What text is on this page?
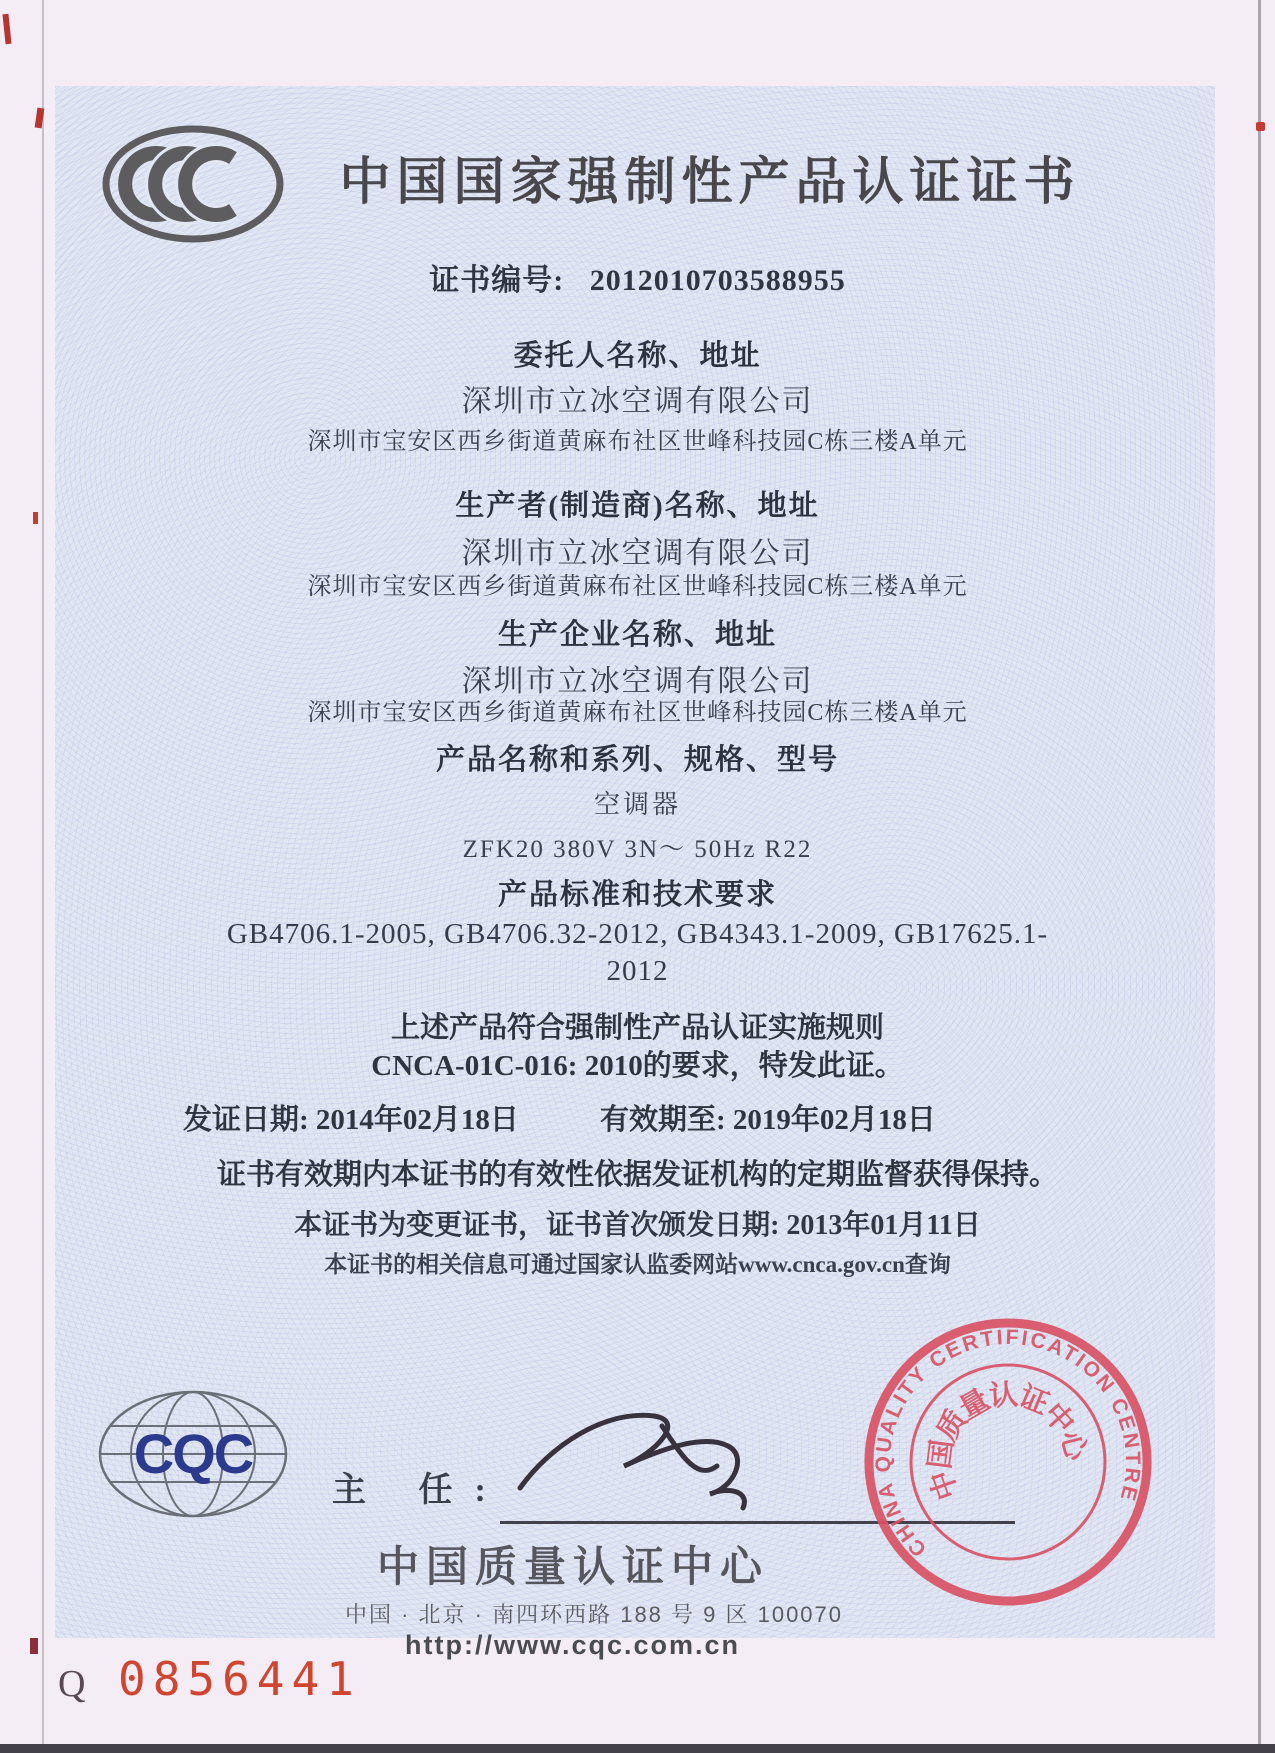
中国国家强制性产品认证证书
证书编号: 2012010703588955
委托人名称、地址
深圳市立冰空调有限公司
深圳市宝安区西乡街道黄麻布社区世峰科技园C栋三楼A单元
生产者(制造商)名称、地址
深圳市立冰空调有限公司
深圳市宝安区西乡街道黄麻布社区世峰科技园C栋三楼A单元
生产企业名称、地址
深圳市立冰空调有限公司
深圳市宝安区西乡街道黄麻布社区世峰科技园C栋三楼A单元
产品名称和系列、规格、型号
空调器
ZFK20 380V 3N～ 50Hz R22
产品标准和技术要求
GB4706.1-2005, GB4706.32-2012, GB4343.1-2009, GB17625.1-
2012
上述产品符合强制性产品认证实施规则
CNCA-01C-016: 2010的要求，特发此证。
发证日期: 2014年02月18日	有效期至: 2019年02月18日
证书有效期内本证书的有效性依据发证机构的定期监督获得保持。
本证书为变更证书，证书首次颁发日期: 2013年01月11日
本证书的相关信息可通过国家认监委网站www.cnca.gov.cn查询
CQC
主 任:
中国质量认证中心
中国 · 北京 · 南四环西路 188 号 9 区 100070
http://www.cqc.com.cn
CHINA QUALITY CERTIFICATION CENTRE
中国质量认证中心
Q 0856441
